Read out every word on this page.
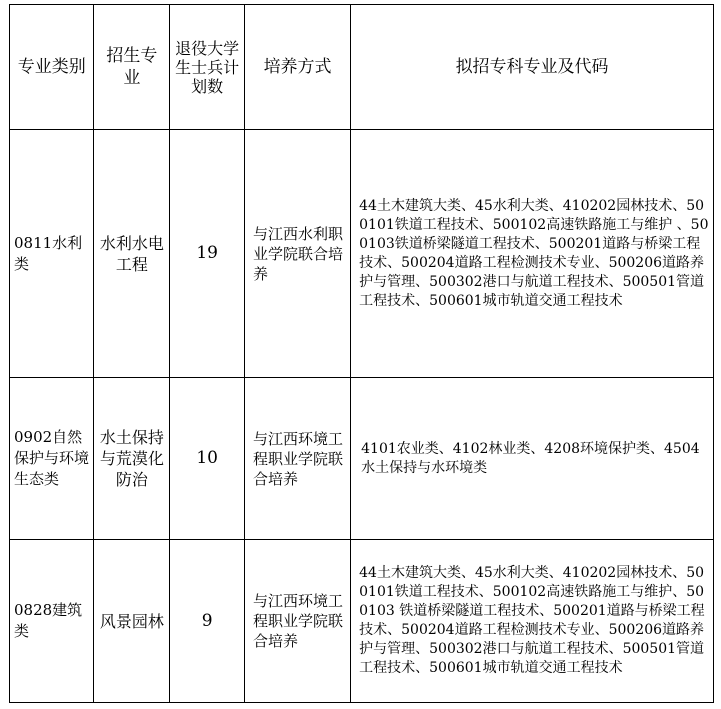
专业类别	招生专业	退役大学生士兵计划数	培养方式	拟招专科专业及代码
0811水利类	水利水电工程	19	与江西水利职业学院联合培养	44土木建筑大类、45水利大类、410202园林技术、500101铁道工程技术、500102高速铁路施工与维护 、500103铁道桥梁隧道工程技术、500201道路与桥梁工程技术、500204道路工程检测技术专业、500206道路养护与管理、500302港口与航道工程技术、500501管道工程技术、500601城市轨道交通工程技术
0902自然保护与环境生态类	水土保持与荒漠化防治	10	与江西环境工程职业学院联合培养	4101农业类、4102林业类、4208环境保护类、4504 水土保持与水环境类
0828建筑类	风景园林	9	与江西环境工程职业学院联合培养	44土木建筑大类、45水利大类、410202园林技术、500101铁道工程技术、500102高速铁路施工与维护、500103 铁道桥梁隧道工程技术、500201道路与桥梁工程技术、500204道路工程检测技术专业、500206道路养护与管理、500302港口与航道工程技术、500501管道工程技术、500601城市轨道交通工程技术
